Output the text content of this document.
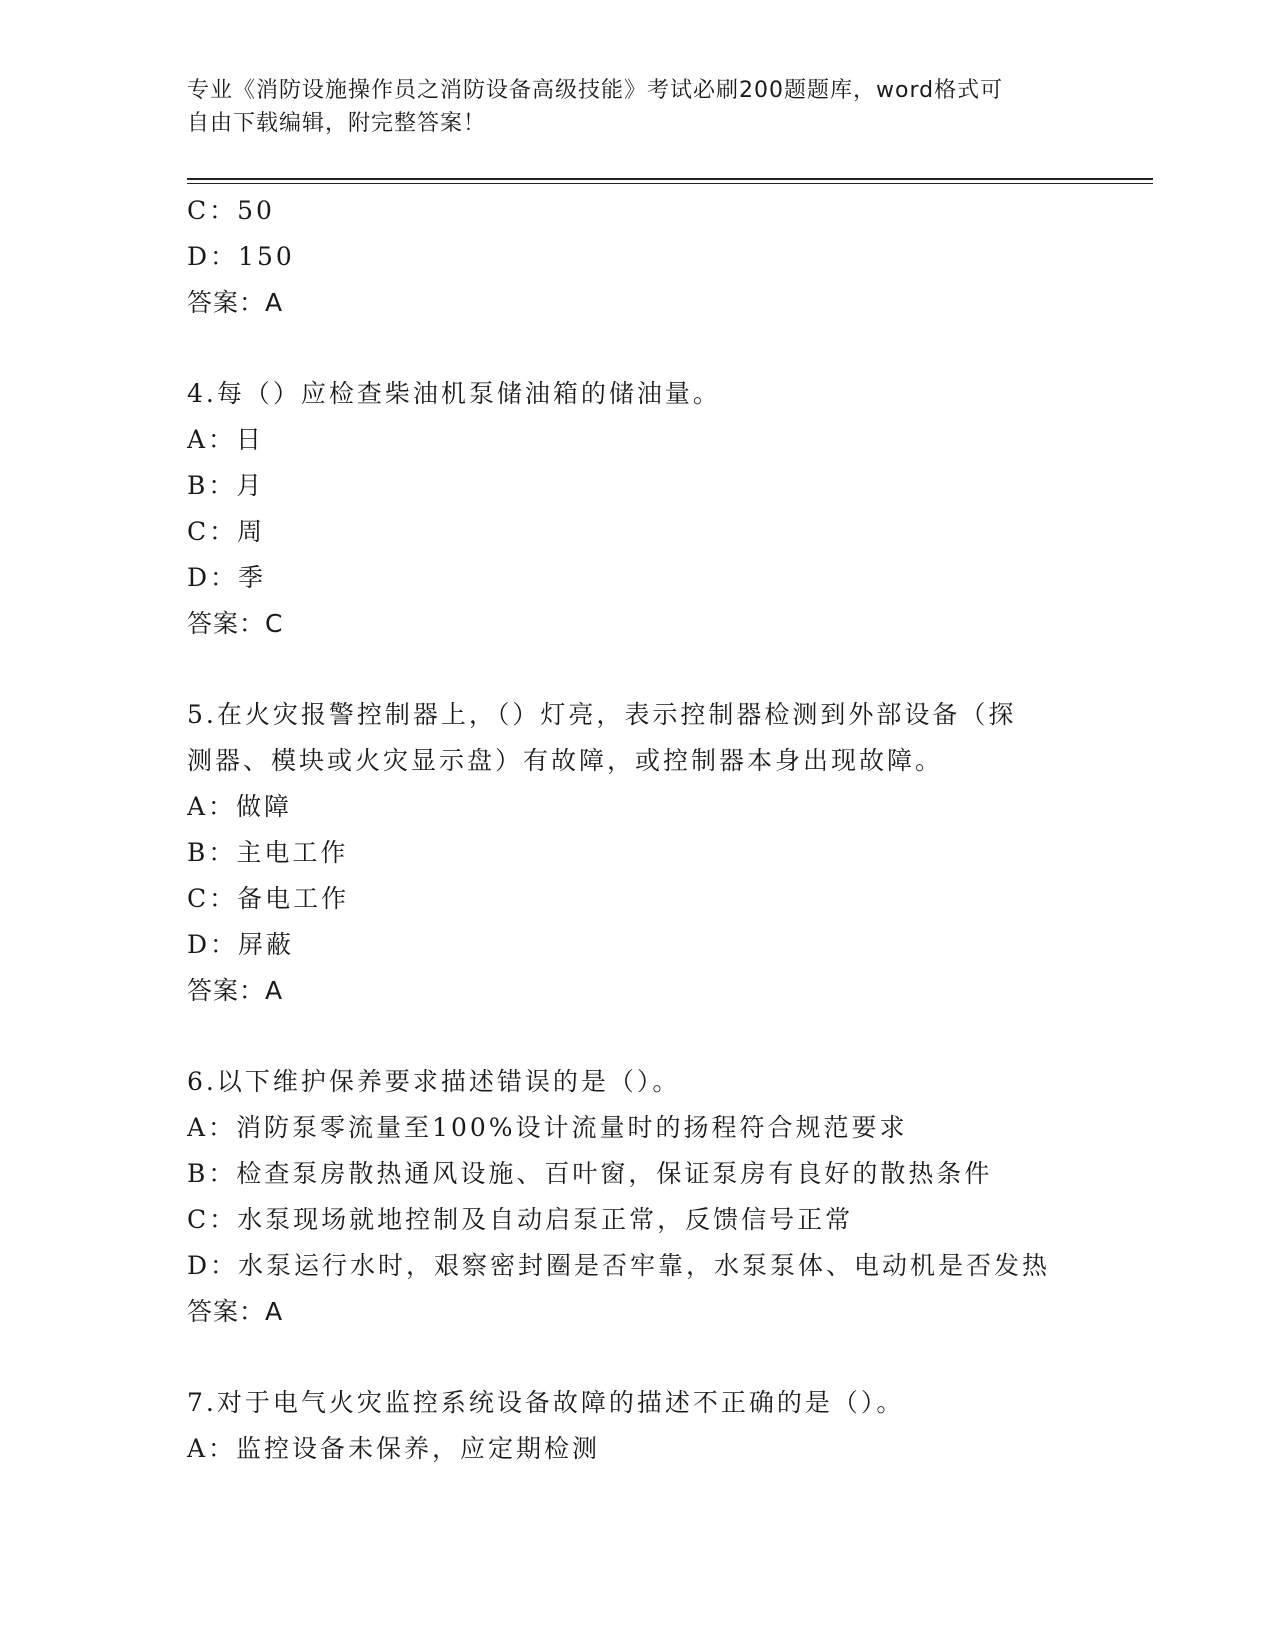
专业《消防设施操作员之消防设备高级技能》考试必刷200题题库，word格式可
自由下载编辑，附完整答案！
C：50
D：150
答案：A
4.每（）应检查柴油机泵储油箱的储油量。
A：日
B：月
C：周
D：季
答案：C
5.在火灾报警控制器上，（）灯亮，表示控制器检测到外部设备（探
测器、模块或火灾显示盘）有故障，或控制器本身出现故障。
A：做障
B：主电工作
C：备电工作
D：屏蔽
答案：A
6.以下维护保养要求描述错误的是（）。
A：消防泵零流量至100%设计流量时的扬程符合规范要求
B：检查泵房散热通风设施、百叶窗，保证泵房有良好的散热条件
C：水泵现场就地控制及自动启泵正常，反馈信号正常
D：水泵运行水时，艰察密封圈是否牢靠，水泵泵体、电动机是否发热
答案：A
7.对于电气火灾监控系统设备故障的描述不正确的是（）。
A：监控设备未保养，应定期检测
